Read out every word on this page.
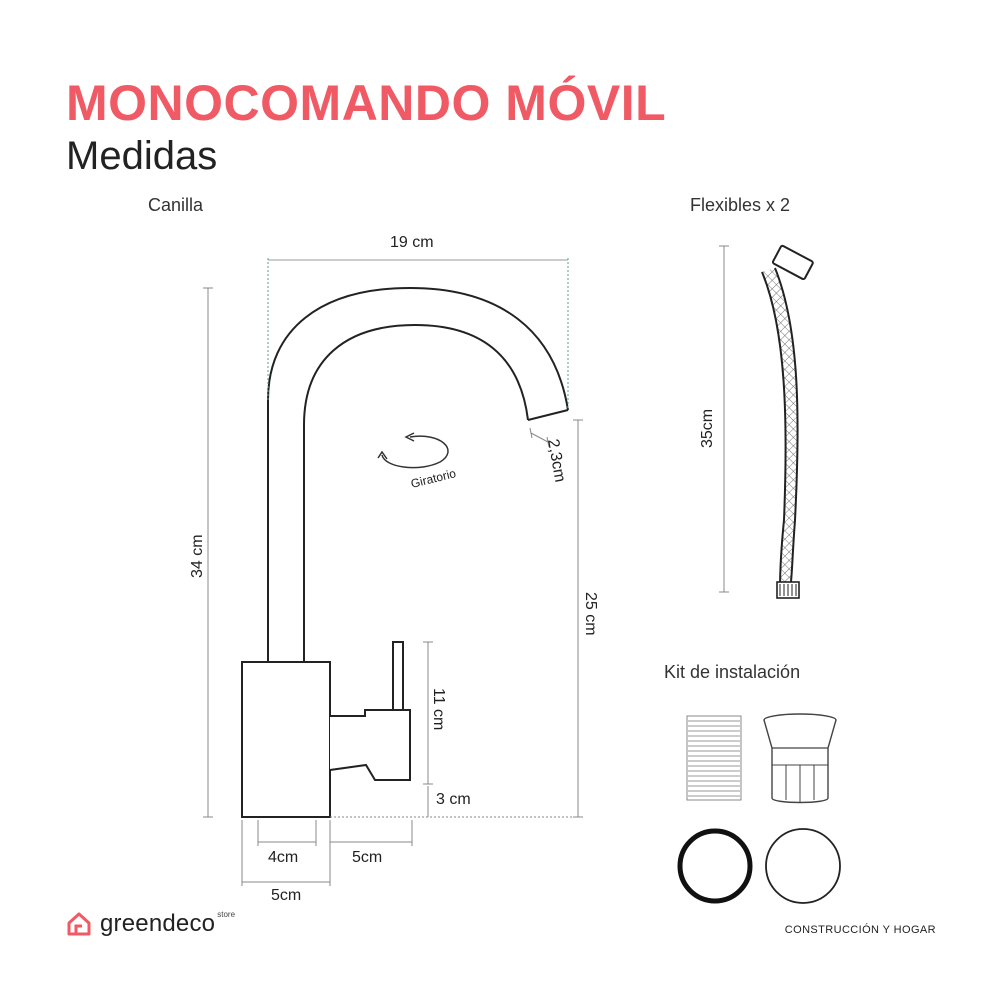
MONOCOMANDO MÓVIL
Medidas
Canilla	Flexibles x 2
Kit de instalación
Giratorio
19 cm
34 cm
25 cm
2,3cm
11 cm
3 cm
4cm	5cm
5cm
35cm
greendeco store
CONSTRUCCIÓN Y HOGAR
